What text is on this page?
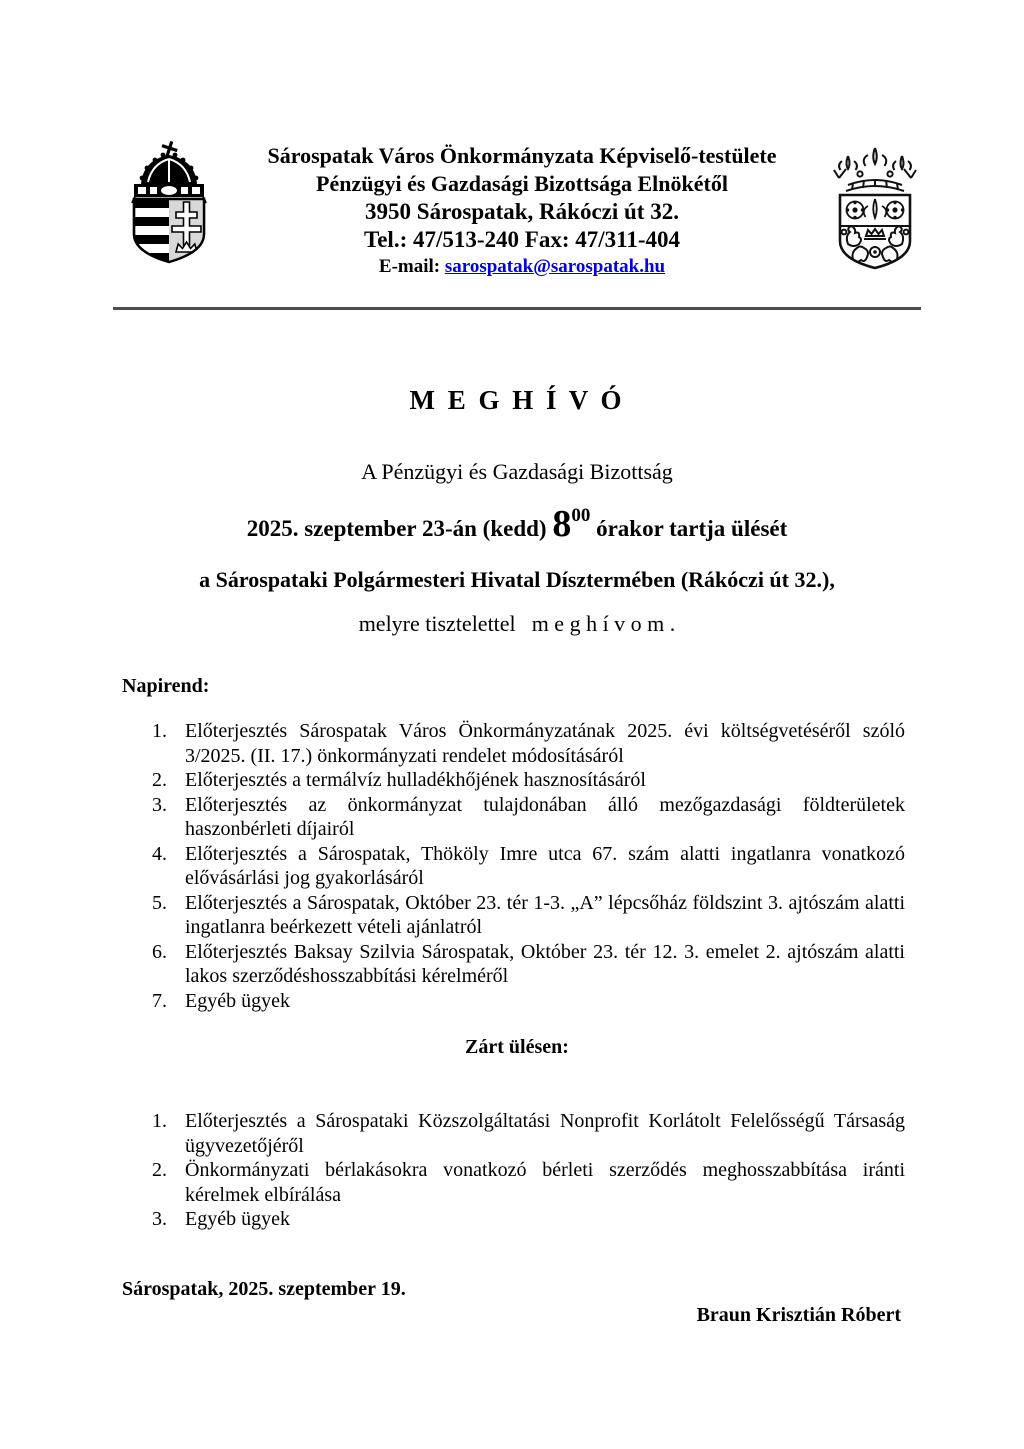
Sárospatak Város Önkormányzata Képviselő-testülete
Pénzügyi és Gazdasági Bizottsága Elnökétől
3950 Sárospatak, Rákóczi út 32.
Tel.: 47/513-240 Fax: 47/311-404
E-mail: sarospatak@sarospatak.hu
M E G H Í V Ó
A Pénzügyi és Gazdasági Bizottság
2025. szeptember 23-án (kedd) $8^{00}$ órakor tartja ülését
a Sárospataki Polgármesteri Hivatal Dísztermében (Rákóczi út 32.),
melyre tisztelettel m e g h í v o m .
Napirend:
1. Előterjesztés Sárospatak Város Önkormányzatának 2025. évi költségvetéséről szóló 3/2025. (II. 17.) önkormányzati rendelet módosításáról
2. Előterjesztés a termálvíz hulladékhőjének hasznosításáról
3. Előterjesztés az önkormányzat tulajdonában álló mezőgazdasági földterületek haszonbérleti díjairól
4. Előterjesztés a Sárospatak, Thököly Imre utca 67. szám alatti ingatlanra vonatkozó elővásárlási jog gyakorlásáról
5. Előterjesztés a Sárospatak, Október 23. tér 1-3. „A” lépcsőház földszint 3. ajtószám alatti ingatlanra beérkezett vételi ajánlatról
6. Előterjesztés Baksay Szilvia Sárospatak, Október 23. tér 12. 3. emelet 2. ajtószám alatti lakos szerződéshosszabbítási kérelméről
7. Egyéb ügyek
Zárt ülésen:
1. Előterjesztés a Sárospataki Közszolgáltatási Nonprofit Korlátolt Felelősségű Társaság ügyvezetőjéről
2. Önkormányzati bérlakásokra vonatkozó bérleti szerződés meghosszabbítása iránti kérelmek elbírálása
3. Egyéb ügyek
Sárospatak, 2025. szeptember 19.
Braun Krisztián Róbert
